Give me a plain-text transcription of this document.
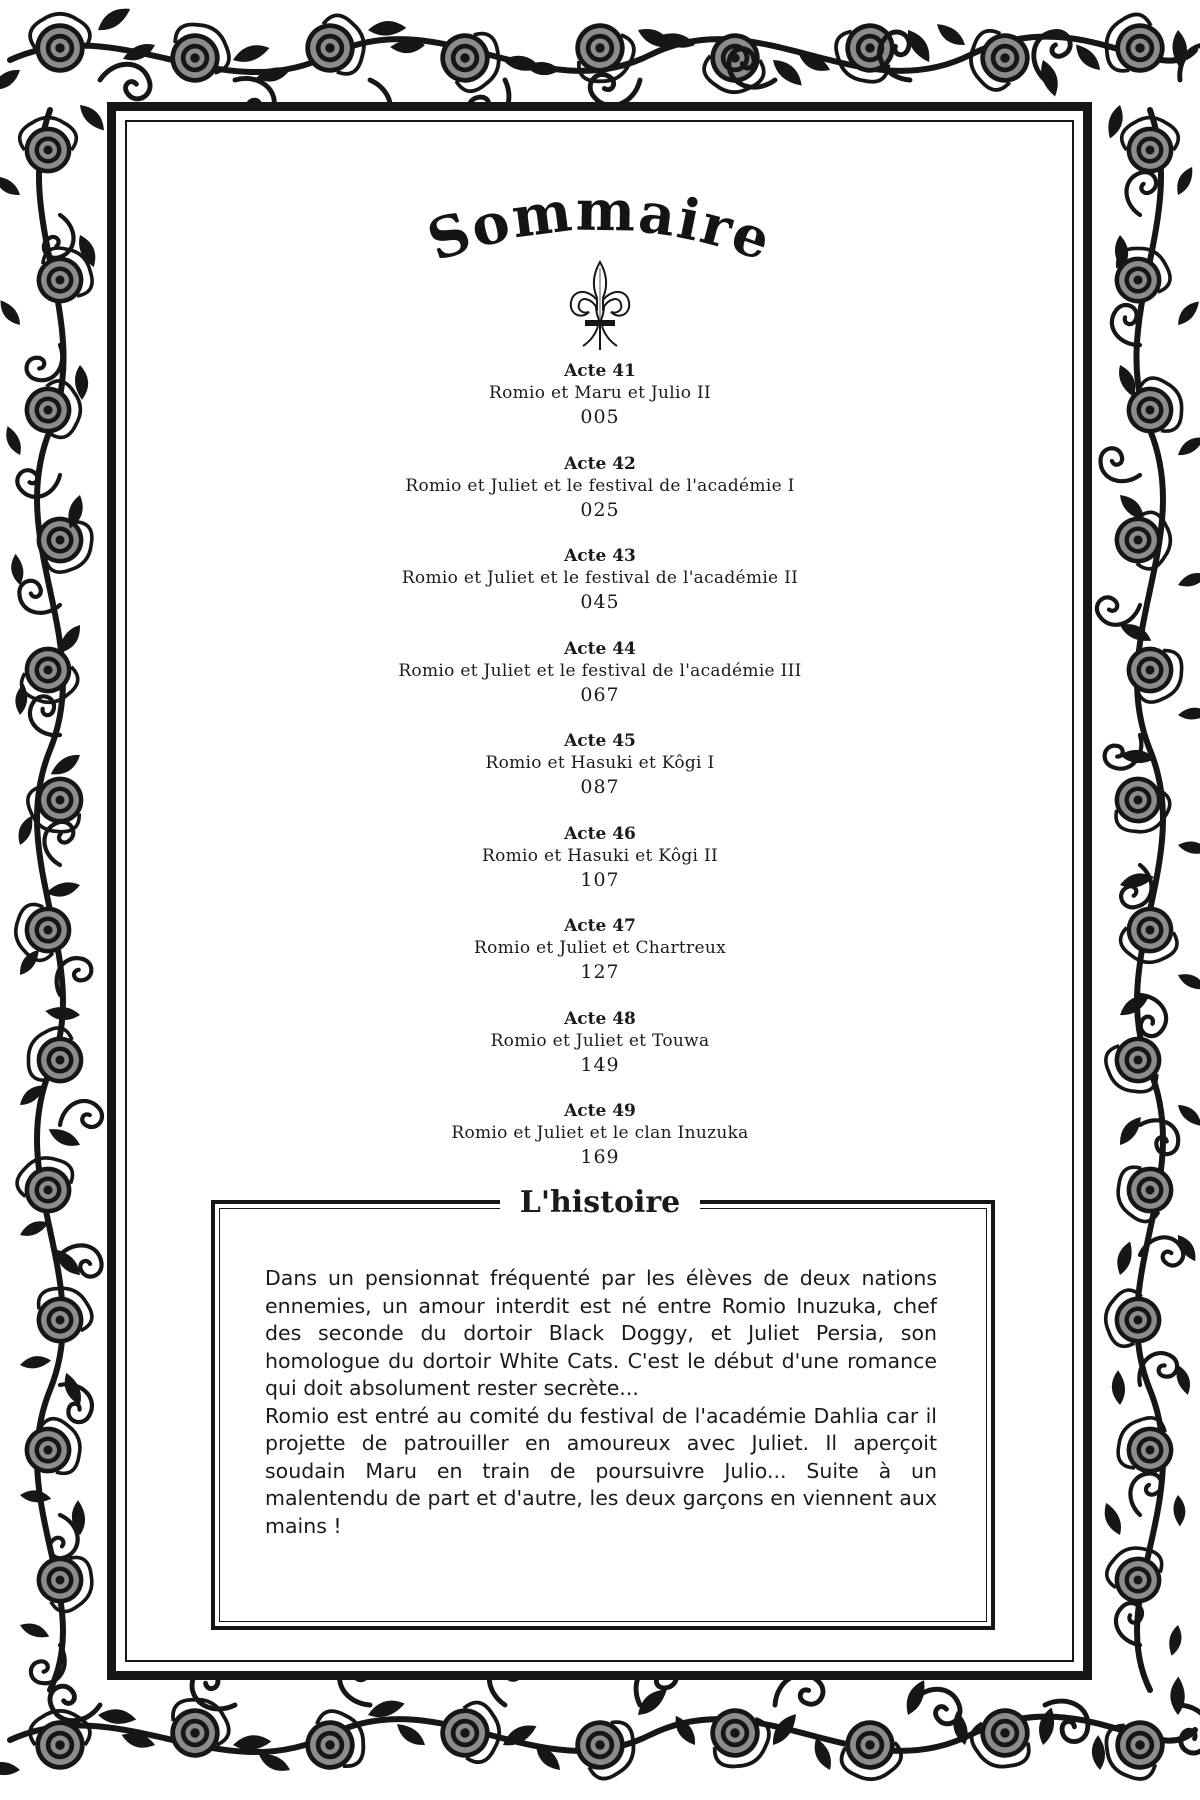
Sommaire
Acte 41
Romio et Maru et Julio II
005
Acte 42
Romio et Juliet et le festival de l'académie I
025
Acte 43
Romio et Juliet et le festival de l'académie II
045
Acte 44
Romio et Juliet et le festival de l'académie III
067
Acte 45
Romio et Hasuki et Kôgi I
087
Acte 46
Romio et Hasuki et Kôgi II
107
Acte 47
Romio et Juliet et Chartreux
127
Acte 48
Romio et Juliet et Touwa
149
Acte 49
Romio et Juliet et le clan Inuzuka
169
L'histoire

Dans un pensionnat fréquenté par les élèves de deux nations ennemies, un amour interdit est né entre Romio Inuzuka, chef des seconde du dortoir Black Doggy, et Juliet Persia, son homologue du dortoir White Cats. C'est le début d'une romance qui doit absolument rester secrète...

Romio est entré au comité du festival de l'académie Dahlia car il projette de patrouiller en amoureux avec Juliet. Il aperçoit soudain Maru en train de poursuivre Julio... Suite à un malentendu de part et d'autre, les deux garçons en viennent aux mains !
